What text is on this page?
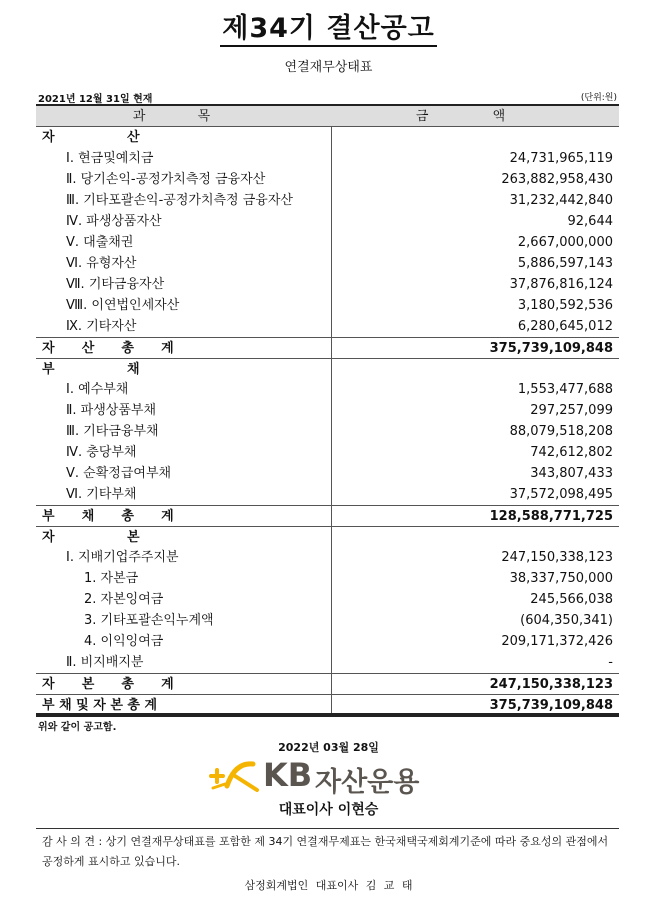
제34기 결산공고
연결재무상태표
2021년 12월 31일 현재	(단위:원)
과 목	금 액
자                산
Ⅰ. 현금및예치금	24,731,965,119
Ⅱ. 당기손익-공정가치측정 금융자산	263,882,958,430
Ⅲ. 기타포괄손익-공정가치측정 금융자산	31,232,442,840
Ⅳ. 파생상품자산	92,644
Ⅴ. 대출채권	2,667,000,000
Ⅵ. 유형자산	5,886,597,143
Ⅶ. 기타금융자산	37,876,816,124
Ⅷ. 이연법인세자산	3,180,592,536
Ⅸ. 기타자산	6,280,645,012
자      산      총      계	375,739,109,848
부                채
Ⅰ. 예수부채	1,553,477,688
Ⅱ. 파생상품부채	297,257,099
Ⅲ. 기타금융부채	88,079,518,208
Ⅳ. 충당부채	742,612,802
Ⅴ. 순확정급여부채	343,807,433
Ⅵ. 기타부채	37,572,098,495
부      채      총      계	128,588,771,725
자                본
Ⅰ. 지배기업주주지분	247,150,338,123
1. 자본금	38,337,750,000
2. 자본잉여금	245,566,038
3. 기타포괄손익누계액	(604,350,341)
4. 이익잉여금	209,171,372,426
Ⅱ. 비지배지분	-
자      본      총      계	247,150,338,123
부 채 및 자 본 총 계	375,739,109,848
위와 같이 공고함.
2022년 03월 28일
KB 자산운용
대표이사 이현승
감 사 의 견 : 상기 연결재무상태표를 포함한 제 34기 연결재무제표는 한국채택국제회계기준에 따라 중요성의 관점에서 공정하게 표시하고 있습니다.
삼정회계법인 대표이사 김 교 태
